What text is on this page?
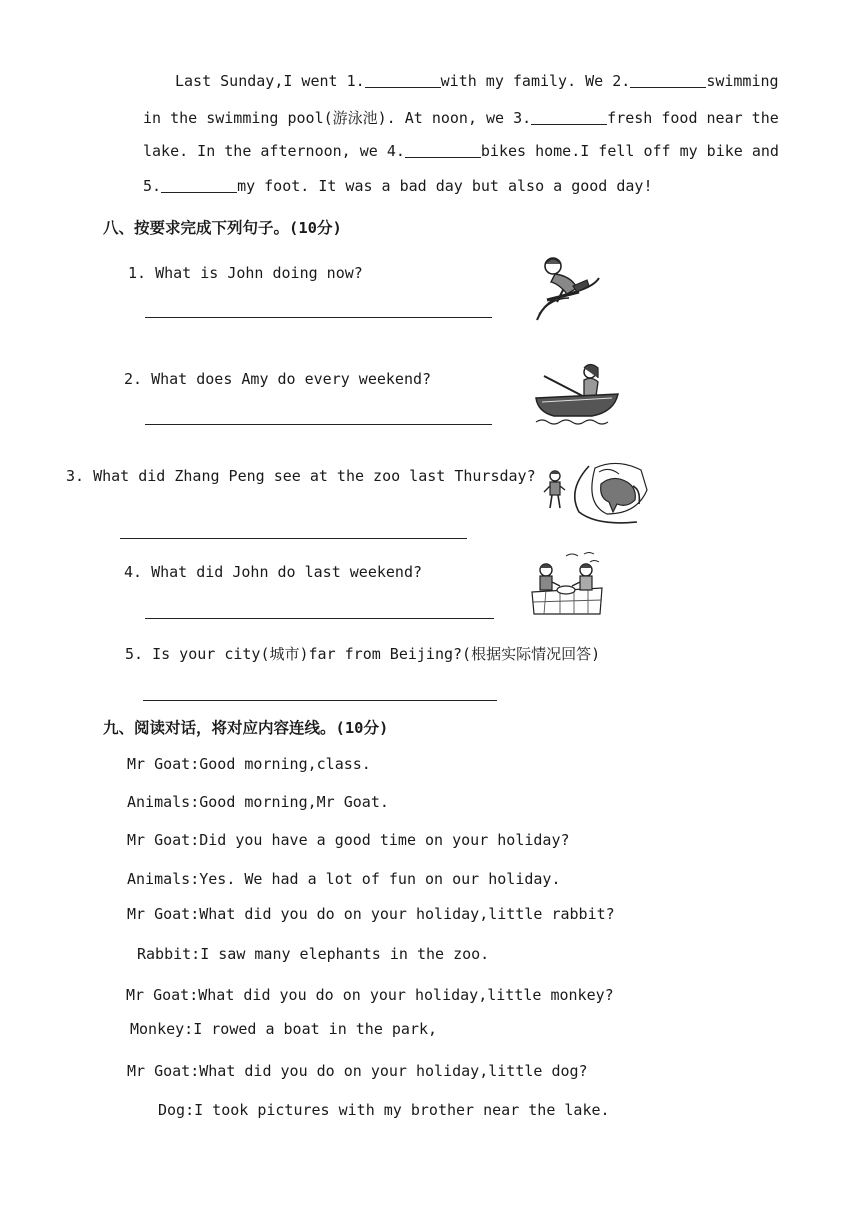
Last Sunday,I went 1.	with my family. We 2.	swimming
in the swimming pool(游泳池). At noon, we 3.	fresh food near the
lake. In the afternoon, we 4.	bikes home.I fell off my bike and
5.	my foot. It was a bad day but also a good day!
八、按要求完成下列句子。(10分)
1. What is John doing now?
2. What does Amy do every weekend?
3. What did Zhang Peng see at the zoo last Thursday?
4. What did John do last weekend?
5. Is your city(城市)far from Beijing?(根据实际情况回答)
九、阅读对话，将对应内容连线。(10分)
Mr Goat:Good morning,class.
Animals:Good morning,Mr Goat.
Mr Goat:Did you have a good time on your holiday?
Animals:Yes. We had a lot of fun on our holiday.
Mr Goat:What did you do on your holiday,little rabbit?
Rabbit:I saw many elephants in the zoo.
Mr Goat:What did you do on your holiday,little monkey?
Monkey:I rowed a boat in the park,
Mr Goat:What did you do on your holiday,little dog?
Dog:I took pictures with my brother near the lake.
